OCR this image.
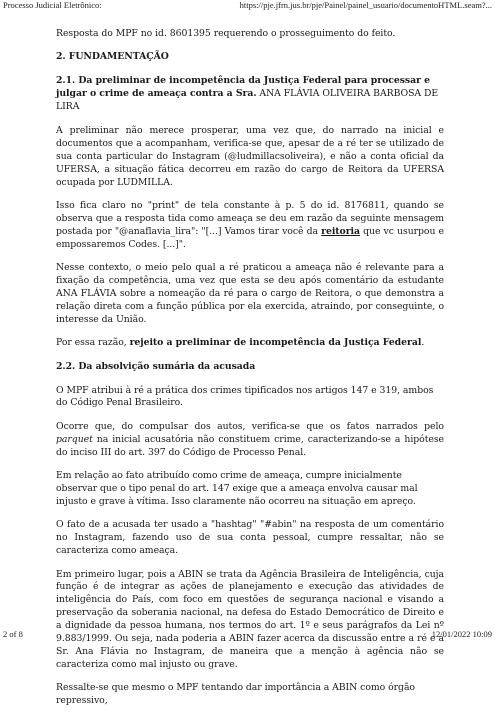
Processo Judicial Eletrônico:	https://pje.jfrn.jus.br/pje/Painel/painel_usuario/documentoHTML.seam?...

Resposta do MPF no id. 8601395 requerendo o prosseguimento do feito.

2. FUNDAMENTAÇÃO

2.1. Da preliminar de incompetência da Justiça Federal para processar e julgar o crime de ameaça contra a Sra. ANA FLÁVIA OLIVEIRA BARBOSA DE LIRA

A preliminar não merece prosperar, uma vez que, do narrado na inicial e documentos que a acompanham, verifica-se que, apesar de a ré ter se utilizado de sua conta particular do Instagram (@ludmillacsoliveira), e não a conta oficial da UFERSA, a situação fática decorreu em razão do cargo de Reitora da UFERSA ocupada por LUDMILLA.

Isso fica claro no "print" de tela constante à p. 5 do id. 8176811, quando se observa que a resposta tida como ameaça se deu em razão da seguinte mensagem postada por "@anaflavia_lira": "[...] Vamos tirar você da reitoria que vc usurpou e empossaremos Codes. [...]".

Nesse contexto, o meio pelo qual a ré praticou a ameaça não é relevante para a fixação da competência, uma vez que esta se deu após comentário da estudante ANA FLÁVIA sobre a nomeação da ré para o cargo de Reitora, o que demonstra a relação direta com a função pública por ela exercida, atraindo, por conseguinte, o interesse da União.

Por essa razão, rejeito a preliminar de incompetência da Justiça Federal.

2.2. Da absolvição sumária da acusada

O MPF atribui à ré a prática dos crimes tipificados nos artigos 147 e 319, ambos do Código Penal Brasileiro.

Ocorre que, do compulsar dos autos, verifica-se que os fatos narrados pelo parquet na inicial acusatória não constituem crime, caracterizando-se a hipótese do inciso III do art. 397 do Código de Processo Penal.

Em relação ao fato atribuído como crime de ameaça, cumpre inicialmente observar que o tipo penal do art. 147 exige que a ameaça envolva causar mal injusto e grave à vítima. Isso claramente não ocorreu na situação em apreço.

O fato de a acusada ter usado a "hashtag" "#abin" na resposta de um comentário no Instagram, fazendo uso de sua conta pessoal, cumpre ressaltar, não se caracteriza como ameaça.

Em primeiro lugar, pois a ABIN se trata da Agência Brasileira de Inteligência, cuja função é de integrar as ações de planejamento e execução das atividades de inteligência do País, com foco em questões de segurança nacional e visando a preservação da soberania nacional, na defesa do Estado Democrático de Direito e a dignidade da pessoa humana, nos termos do art. 1º e seus parágrafos da Lei nº 9.883/1999. Ou seja, nada poderia a ABIN fazer acerca da discussão entre a ré e a Sr. Ana Flávia no Instagram, de maneira que a menção à agência não se caracteriza como mal injusto ou grave.

Ressalte-se que mesmo o MPF tentando dar importância a ABIN como órgão repressivo,

2 of 8	12/01/2022 10:09
